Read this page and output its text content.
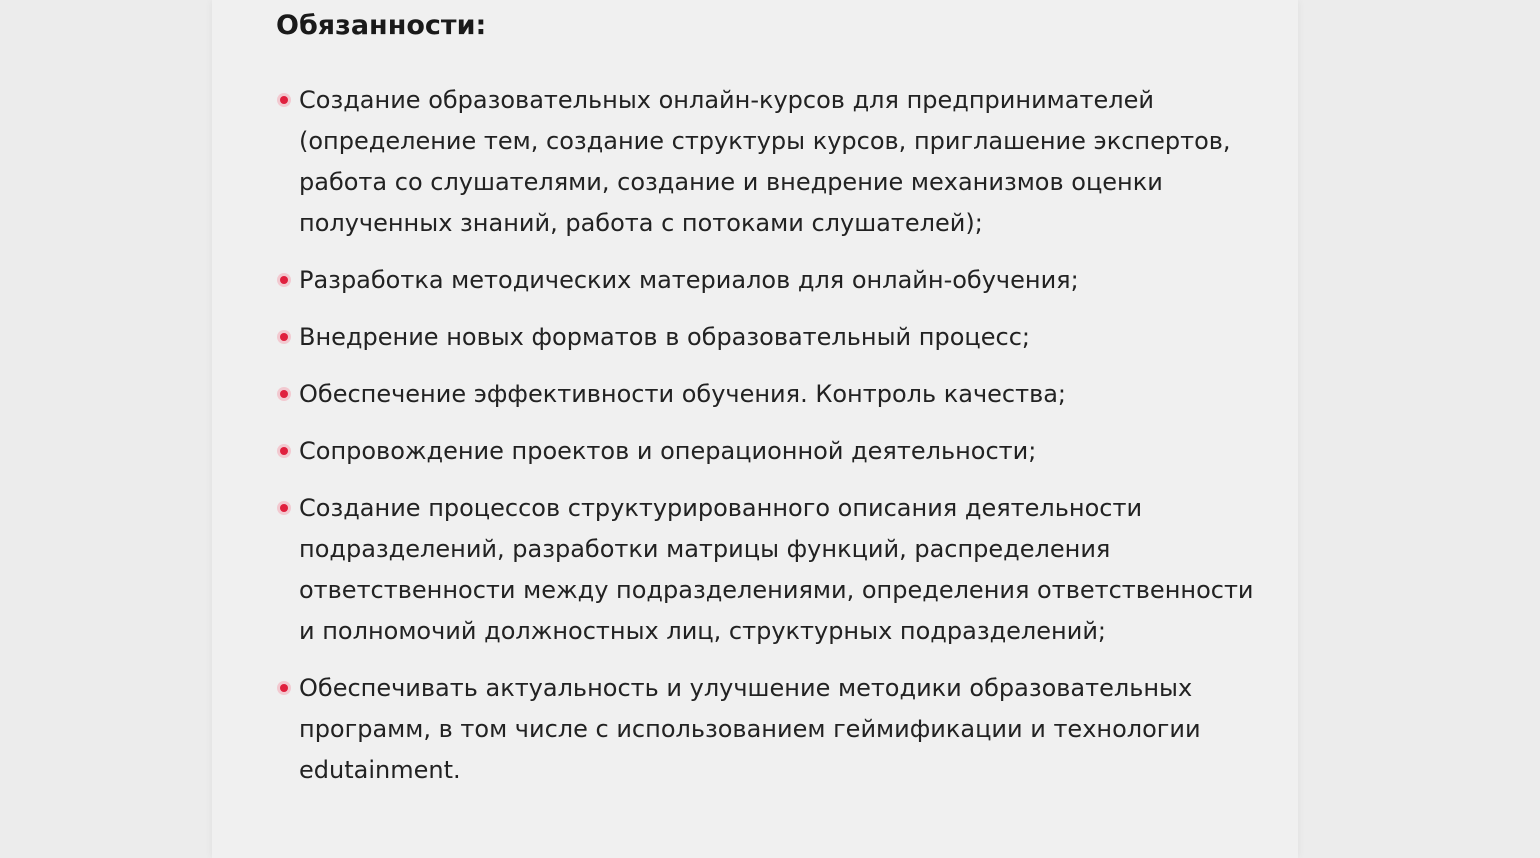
Обязанности:
Создание образовательных онлайн-курсов для предпринимателей (определение тем, создание структуры курсов, приглашение экспертов, работа со слушателями, создание и внедрение механизмов оценки полученных знаний, работа с потоками слушателей);
Разработка методических материалов для онлайн-обучения;
Внедрение новых форматов в образовательный процесс;
Обеспечение эффективности обучения. Контроль качества;
Сопровождение проектов и операционной деятельности;
Создание процессов структурированного описания деятельности подразделений, разработки матрицы функций, распределения ответственности между подразделениями, определения ответственности и полномочий должностных лиц, структурных подразделений;
Обеспечивать актуальность и улучшение методики образовательных программ, в том числе с использованием геймификации и технологии edutainment.
